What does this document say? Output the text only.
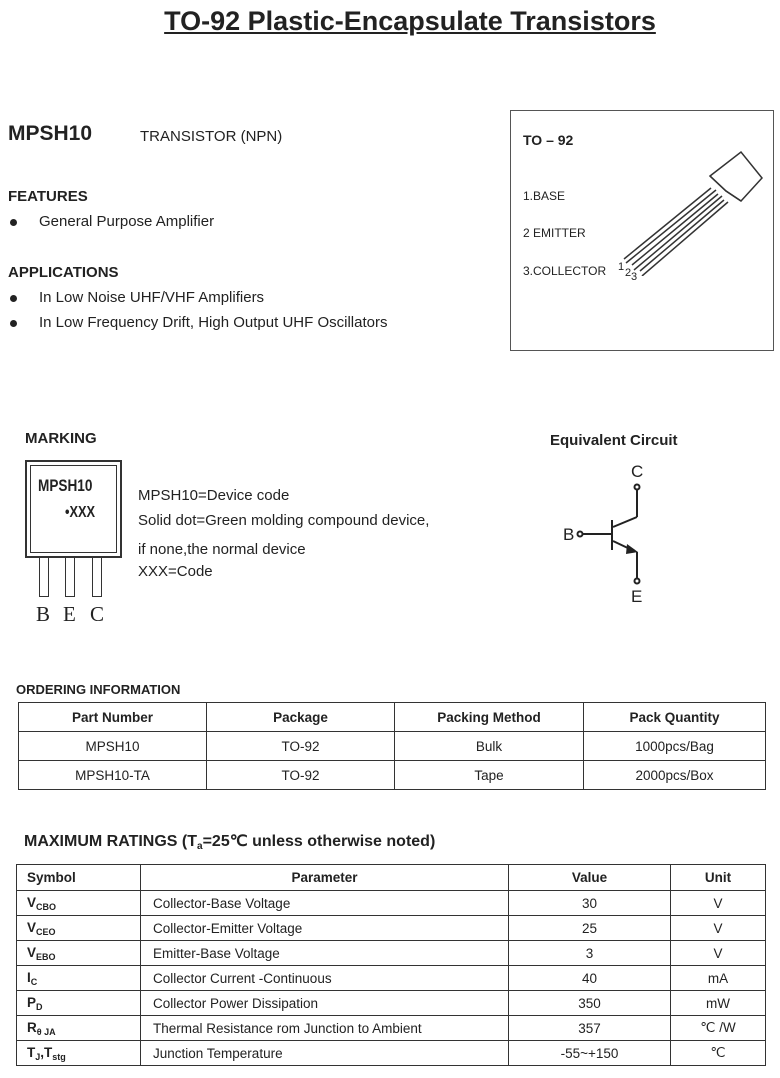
TO-92 Plastic-Encapsulate Transistors
MPSH10	TRANSISTOR (NPN)
FEATURES
General Purpose Amplifier
APPLICATIONS
In Low Noise UHF/VHF Amplifiers
In Low Frequency Drift, High Output UHF Oscillators
TO – 92
1.BASE
2 EMITTER
3.COLLECTOR 1 2 3
MARKING
MPSH10
•XXX
B E C
MPSH10=Device code
Solid dot=Green molding compound device,
if none,the normal device
XXX=Code
Equivalent Circuit
C
B
E
ORDERING INFORMATION
Part Number	Package	Packing Method	Pack Quantity
MPSH10	TO-92	Bulk	1000pcs/Bag
MPSH10-TA	TO-92	Tape	2000pcs/Box
MAXIMUM RATINGS ($T_a=25℃$ unless otherwise noted)
Symbol	Parameter	Value	Unit
$V_{CBO}$	Collector-Base Voltage	30	V
$V_{CEO}$	Collector-Emitter Voltage	25	V
$V_{EBO}$	Emitter-Base Voltage	3	V
$I_C$	Collector Current -Continuous	40	mA
$P_D$	Collector Power Dissipation	350	mW
$R_{\theta JA}$	Thermal Resistance rom Junction to Ambient	357	℃ /W
$T_J,T_{stg}$	Junction Temperature	-55~+150	℃
